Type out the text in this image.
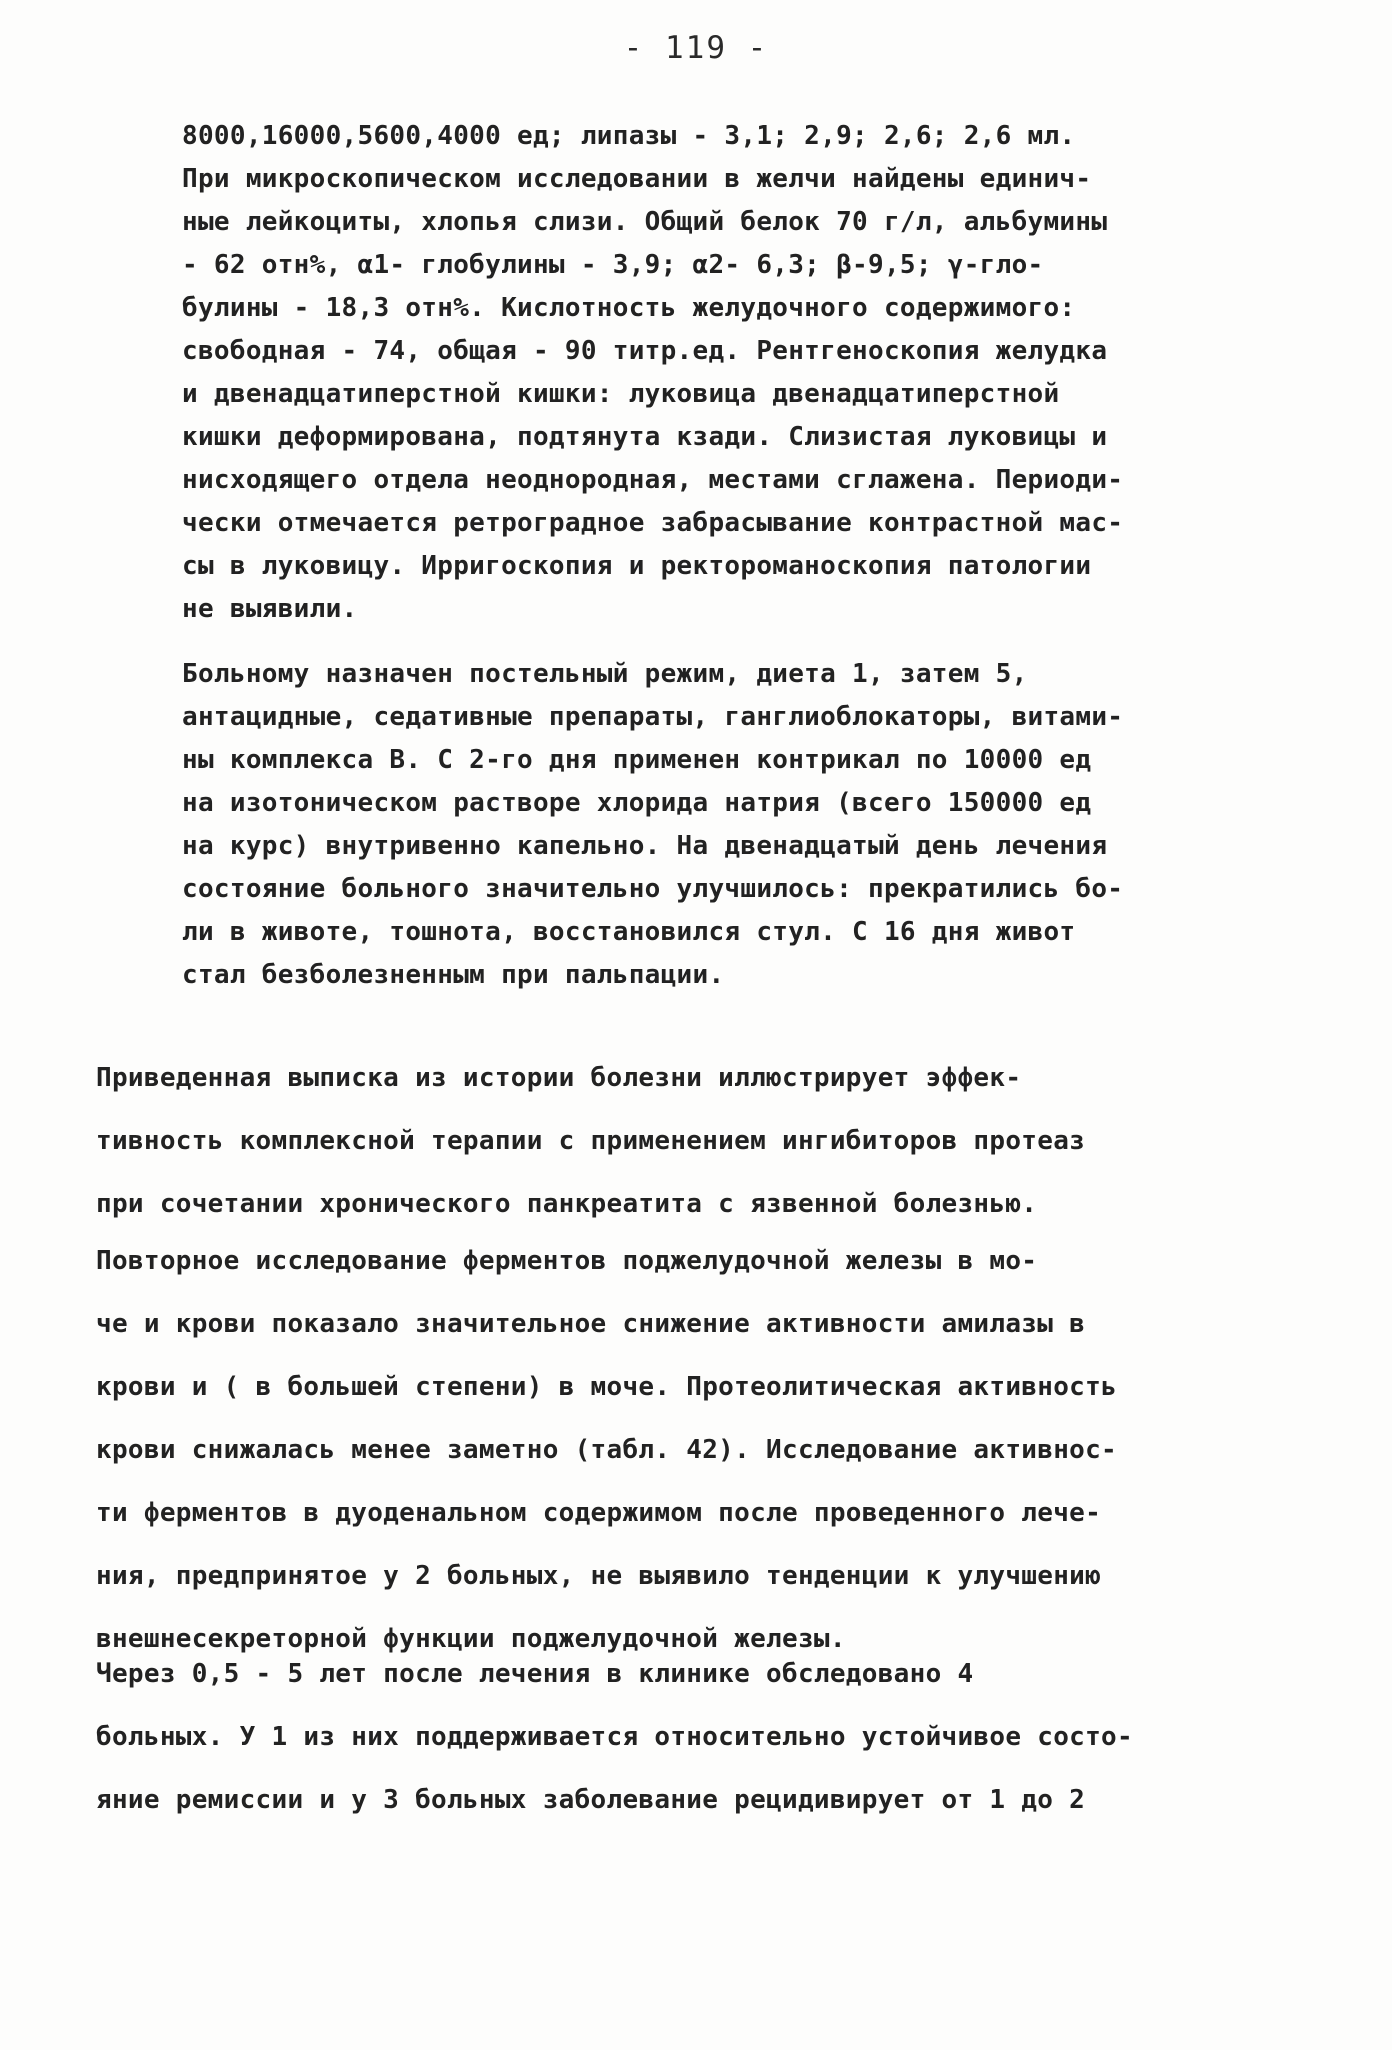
- 119 -
8000,16000,5600,4000 ед; липазы - 3,1; 2,9; 2,6; 2,6 мл.
При микроскопическом исследовании в желчи найдены единич-
ные лейкоциты, хлопья слизи. Общий белок 70 г/л, альбумины
- 62 отн%, α1- глобулины - 3,9; α2- 6,3; β-9,5; γ-гло-
булины - 18,3 отн%. Кислотность желудочного содержимого:
свободная - 74, общая - 90 титр.ед. Рентгеноскопия желудка
и двенадцатиперстной кишки: луковица двенадцатиперстной
кишки деформирована, подтянута кзади. Слизистая луковицы и
нисходящего отдела неоднородная, местами сглажена. Периоди-
чески отмечается ретроградное забрасывание контрастной мас-
сы в луковицу. Ирригоскопия и ректороманоскопия патологии
не выявили.
Больному назначен постельный режим, диета 1, затем 5,
антацидные, седативные препараты, ганглиоблокаторы, витами-
ны комплекса В. С 2-го дня применен контрикал по 10000 ед
на изотоническом растворе хлорида натрия (всего 150000 ед
на курс) внутривенно капельно. На двенадцатый день лечения
состояние больного значительно улучшилось: прекратились бо-
ли в животе, тошнота, восстановился стул. С 16 дня живот
стал безболезненным при пальпации.
Приведенная выписка из истории болезни иллюстрирует эффек-
тивность комплексной терапии с применением ингибиторов протеаз
при сочетании хронического панкреатита с язвенной болезнью.
Повторное исследование ферментов поджелудочной железы в мо-
че и крови показало значительное снижение активности амилазы в
крови и ( в большей степени) в моче. Протеолитическая активность
крови снижалась менее заметно (табл. 42). Исследование активнос-
ти ферментов в дуоденальном содержимом после проведенного лече-
ния, предпринятое у 2 больных, не выявило тенденции к улучшению
внешнесекреторной функции поджелудочной железы.
Через 0,5 - 5 лет после лечения в клинике обследовано 4
больных. У 1 из них поддерживается относительно устойчивое состо-
яние ремиссии и у 3 больных заболевание рецидивирует от 1 до 2
